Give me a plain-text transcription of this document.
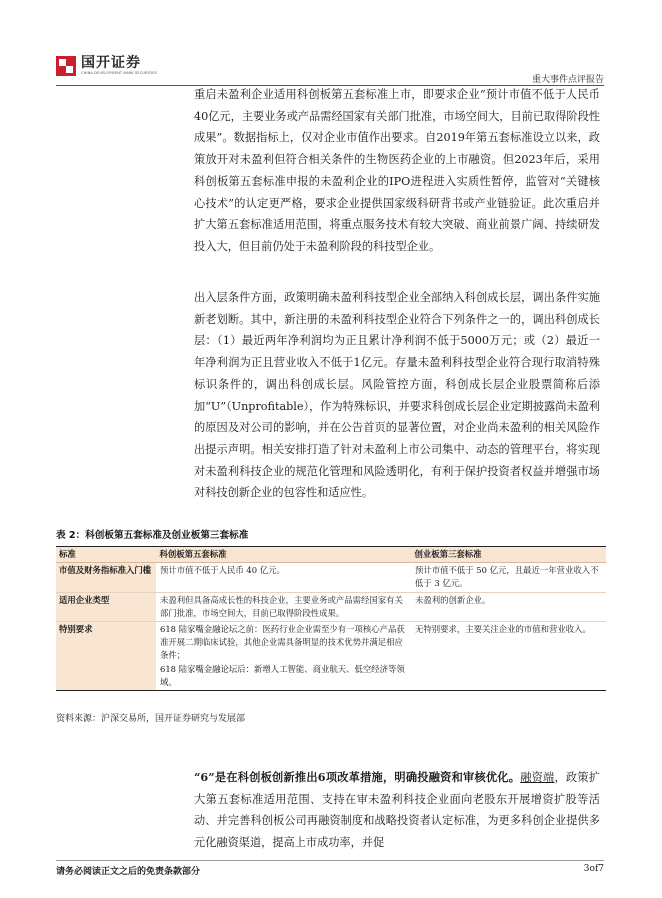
国开证券
CHINA DEVELOPMENT BANK SECURITIES
重大事件点评报告

重启未盈利企业适用科创板第五套标准上市，即要求企业“预计市值不低于人民币40亿元，主要业务或产品需经国家有关部门批准，市场空间大，目前已取得阶段性成果”。数据指标上，仅对企业市值作出要求。自2019年第五套标准设立以来，政策放开对未盈利但符合相关条件的生物医药企业的上市融资。但2023年后，采用科创板第五套标准申报的未盈利企业的IPO进程进入实质性暂停，监管对“关键核心技术”的认定更严格，要求企业提供国家级科研背书或产业链验证。此次重启并扩大第五套标准适用范围，将重点服务技术有较大突破、商业前景广阔、持续研发投入大，但目前仍处于未盈利阶段的科技型企业。

出入层条件方面，政策明确未盈利科技型企业全部纳入科创成长层，调出条件实施新老划断。其中，新注册的未盈利科技型企业符合下列条件之一的，调出科创成长层：（1）最近两年净利润均为正且累计净利润不低于5000万元；或（2）最近一年净利润为正且营业收入不低于1亿元。存量未盈利科技型企业符合现行取消特殊标识条件的，调出科创成长层。风险管控方面，科创成长层企业股票简称后添加“U”（Unprofitable），作为特殊标识，并要求科创成长层企业定期披露尚未盈利的原因及对公司的影响，并在公告首页的显著位置，对企业尚未盈利的相关风险作出提示声明。相关安排打造了针对未盈利上市公司集中、动态的管理平台，将实现对未盈利科技企业的规范化管理和风险透明化，有利于保护投资者权益并增强市场对科技创新企业的包容性和适应性。

表 2：科创板第五套标准及创业板第三套标准
标准	科创板第五套标准	创业板第三套标准
市值及财务指标准入门槛	预计市值不低于人民币 40 亿元。	预计市值不低于 50 亿元，且最近一年营业收入不低于 3 亿元。

适用企业类型	未盈利但具备高成长性的科技企业，主要业务或产品需经国家有关部门批准，市场空间大，目前已取得阶段性成果。	未盈利的创新企业。

特别要求	618 陆家嘴金融论坛之前：医药行业企业需至少有一项核心产品获准开展二期临床试验，其他企业需具备明显的技术优势并满足相应条件；
618 陆家嘴金融论坛后：新增人工智能、商业航天、低空经济等领域。	无特别要求，主要关注企业的市值和营业收入。
资料来源：沪深交易所，国开证券研究与发展部

“6”是在科创板创新推出6项改革措施，明确投融资和审核优化。融资端，政策扩大第五套标准适用范围、支持在审未盈利科技企业面向老股东开展增资扩股等活动、并完善科创板公司再融资制度和战略投资者认定标准，为更多科创企业提供多元化融资渠道，提高上市成功率，并促

请务必阅读正文之后的免责条款部分	3of7
